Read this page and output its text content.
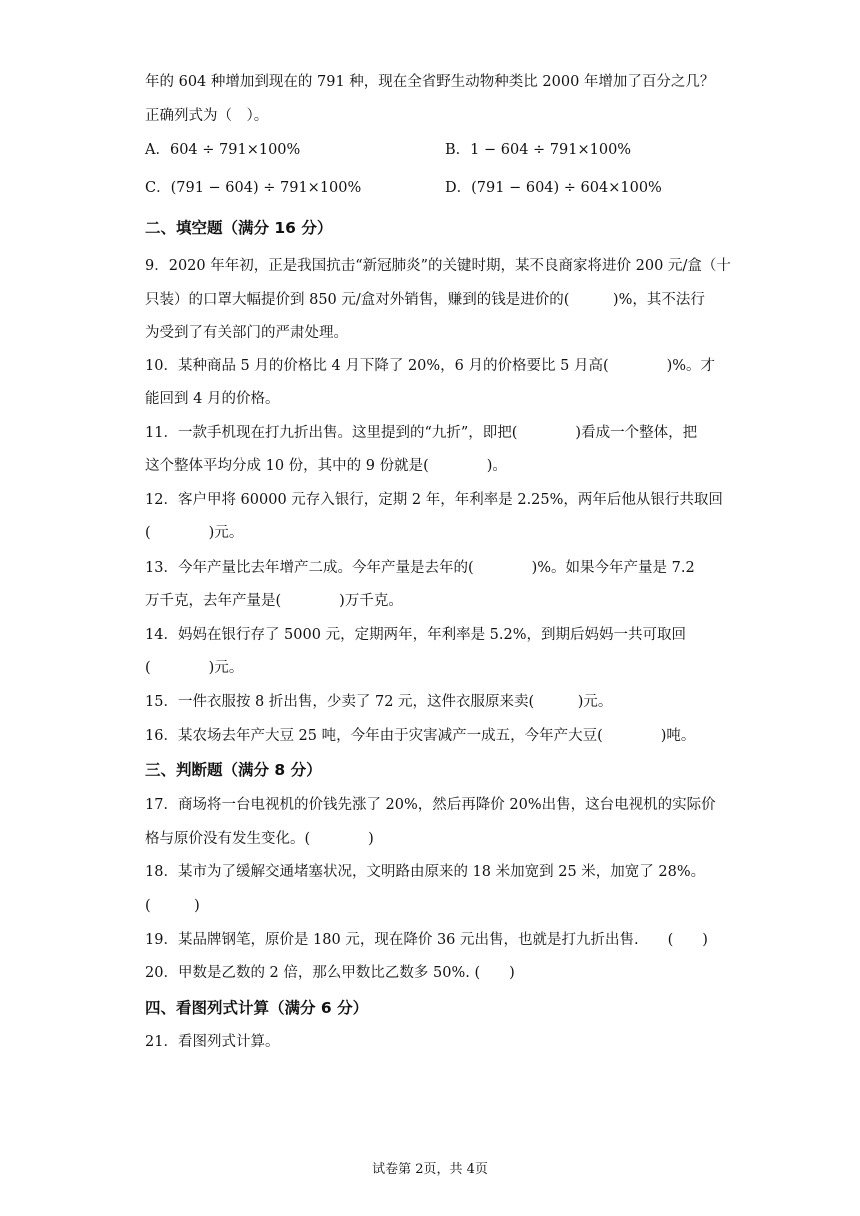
年的 604 种增加到现在的 791 种，现在全省野生动物种类比 2000 年增加了百分之几？
正确列式为（　）。
A．604 ÷ 791×100%	B．1 − 604 ÷ 791×100%
C．(791 − 604) ÷ 791×100%	D．(791 − 604) ÷ 604×100%
二、填空题（满分 16 分）
9．2020 年年初，正是我国抗击“新冠肺炎”的关键时期，某不良商家将进价 200 元/盒（十
只装）的口罩大幅提价到 850 元/盒对外销售，赚到的钱是进价的(　　　)%，其不法行
为受到了有关部门的严肃处理。
10．某种商品 5 月的价格比 4 月下降了 20%，6 月的价格要比 5 月高(　　　　)%。才
能回到 4 月的价格。
11．一款手机现在打九折出售。这里提到的“九折”，即把(　　　　)看成一个整体，把
这个整体平均分成 10 份，其中的 9 份就是(　　　　)。
12．客户甲将 60000 元存入银行，定期 2 年，年利率是 2.25%，两年后他从银行共取回
(　　　　)元。
13．今年产量比去年增产二成。今年产量是去年的(　　　　)%。如果今年产量是 7.2
万千克，去年产量是(　　　　)万千克。
14．妈妈在银行存了 5000 元，定期两年，年利率是 5.2%，到期后妈妈一共可取回
(　　　　)元。
15．一件衣服按 8 折出售，少卖了 72 元，这件衣服原来卖(　　　)元。
16．某农场去年产大豆 25 吨，今年由于灾害减产一成五，今年产大豆(　　　　)吨。
三、判断题（满分 8 分）
17．商场将一台电视机的价钱先涨了 20%，然后再降价 20%出售，这台电视机的实际价
格与原价没有发生变化。(　　　　)
18．某市为了缓解交通堵塞状况，文明路由原来的 18 米加宽到 25 米，加宽了 28%。
(　　　)
19．某品牌钢笔，原价是 180 元，现在降价 36 元出售，也就是打九折出售.　　(　　)
20．甲数是乙数的 2 倍，那么甲数比乙数多 50%. (　　)
四、看图列式计算（满分 6 分）
21．看图列式计算。
试卷第 2页，共 4页
